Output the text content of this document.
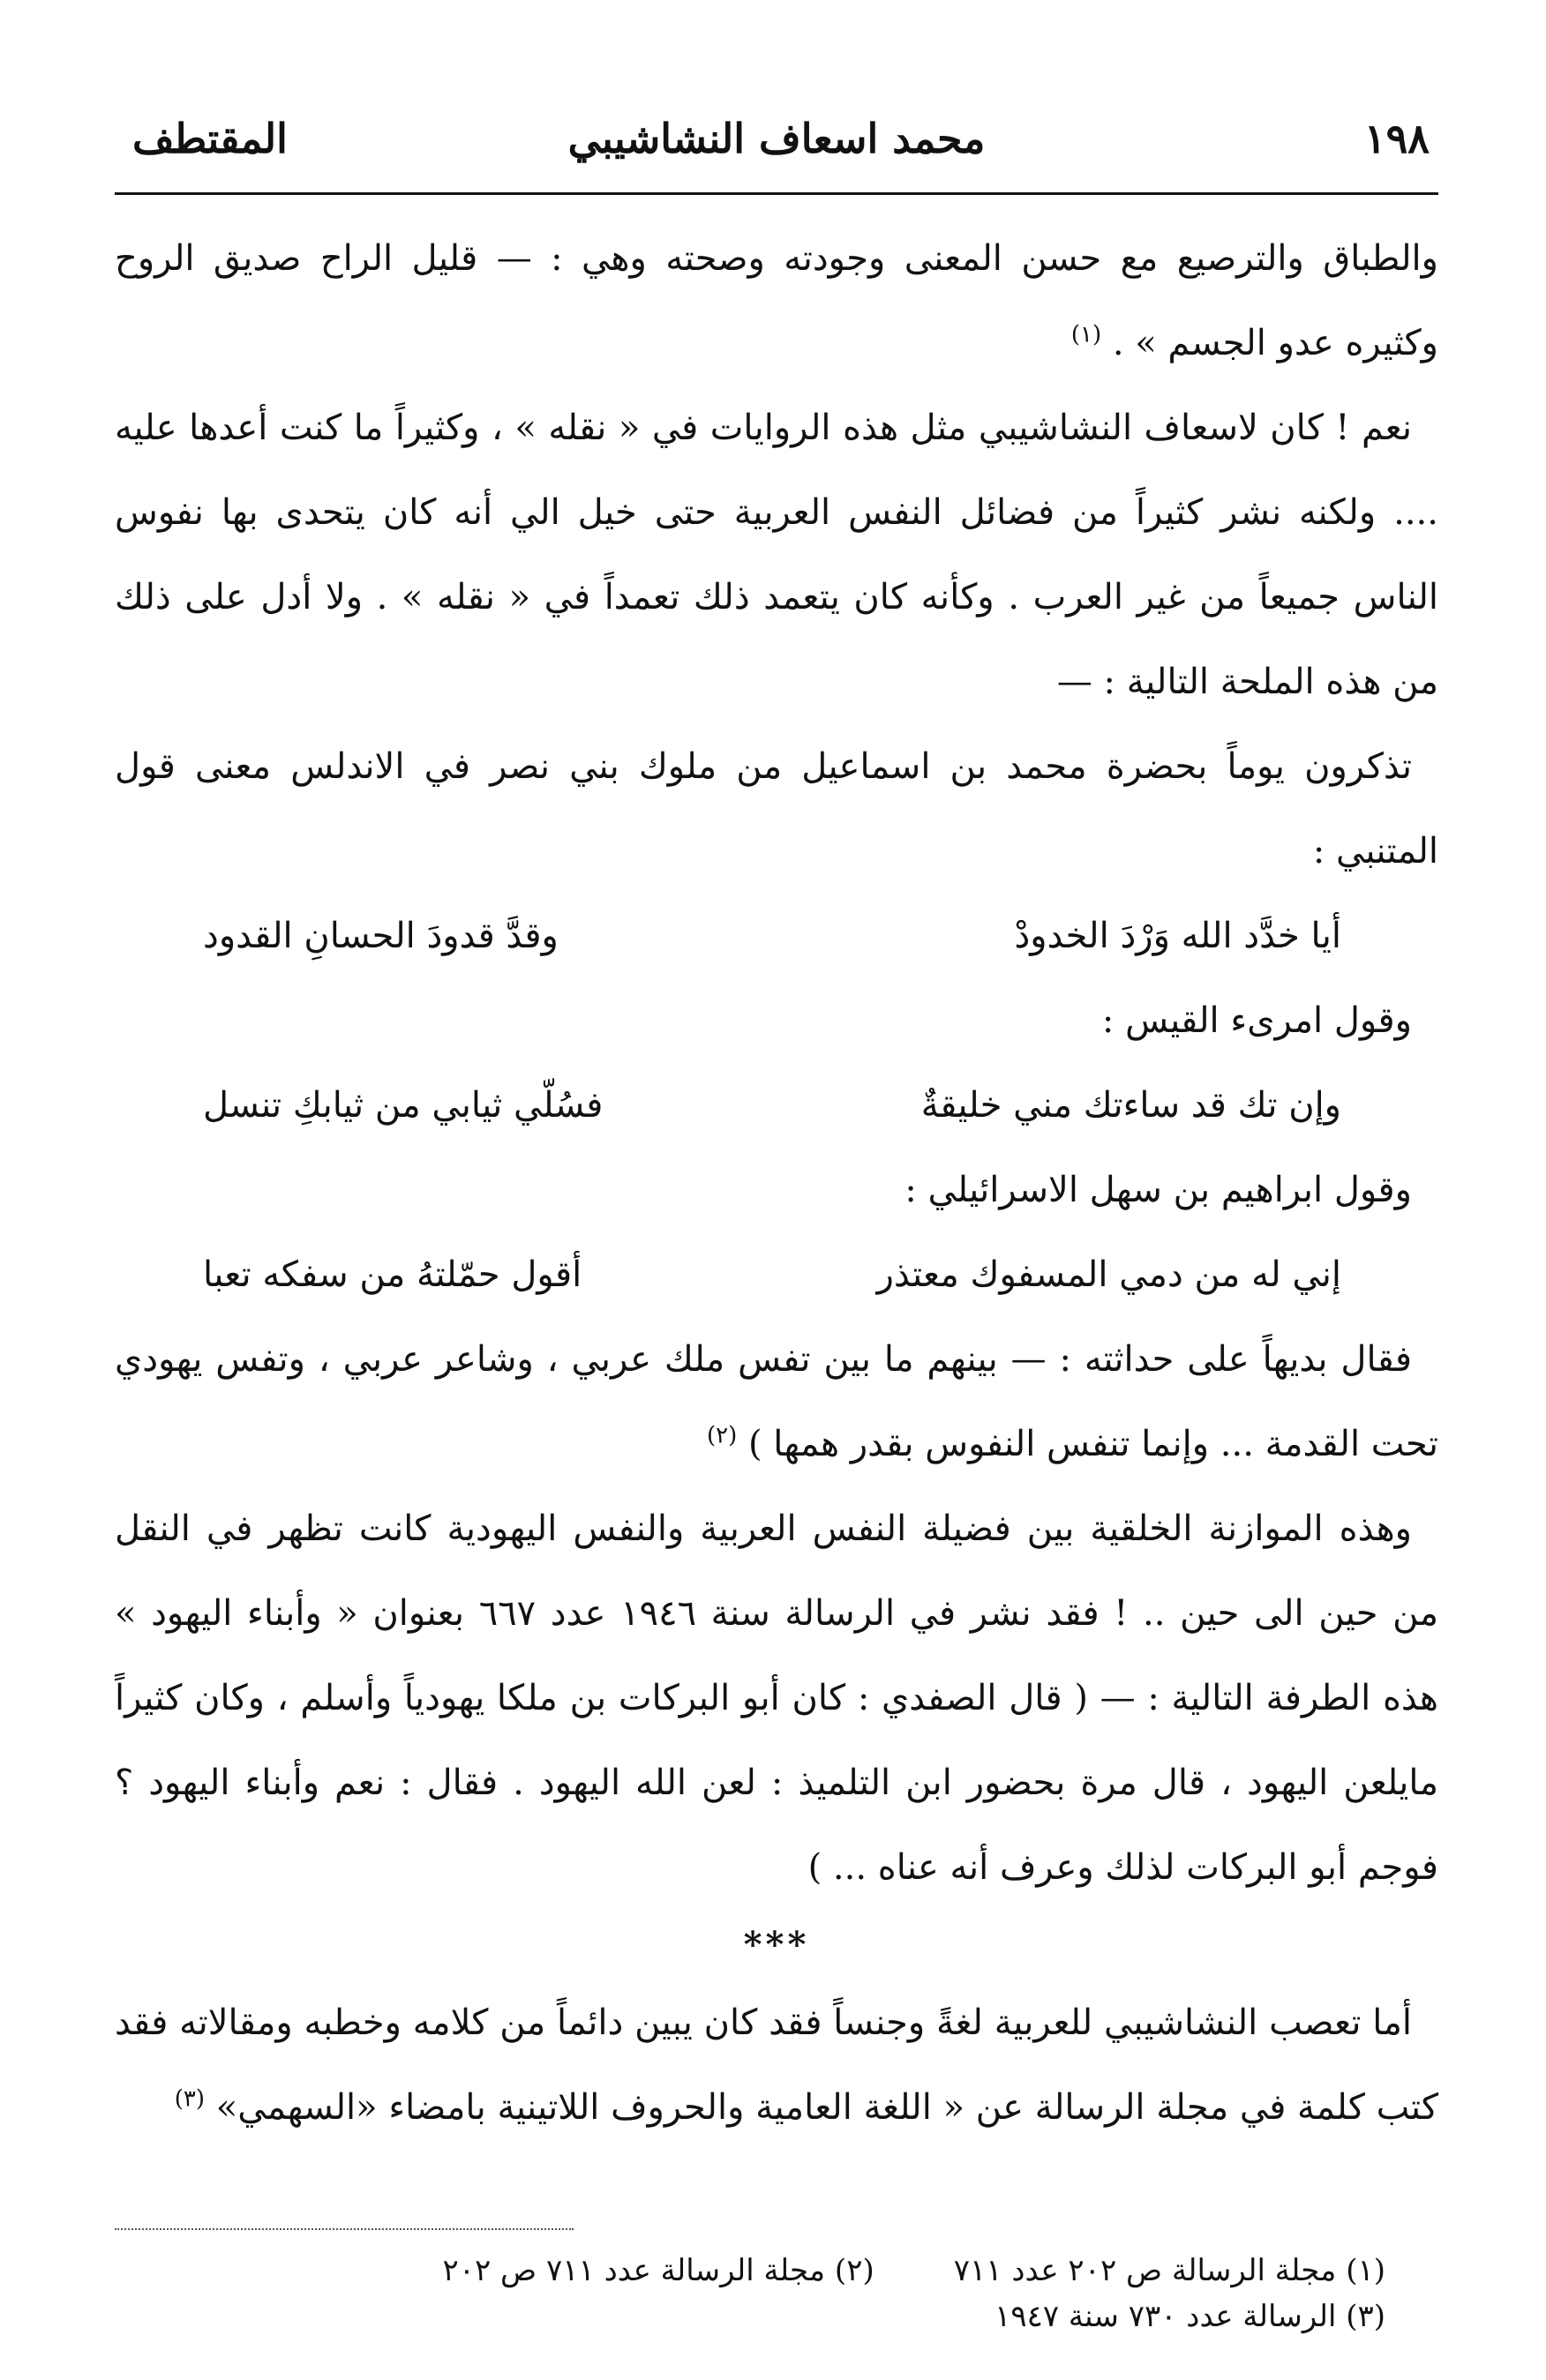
١٩٨
محمد اسعاف النشاشيبي
المقتطف

والطباق والترصيع مع حسن المعنى وجودته وصحته وهي : — قليل الراح صديق الروح وكثيره عدو الجسم » . $^{(١)}$

نعم ! كان لاسعاف النشاشيبي مثل هذه الروايات في « نقله » ، وكثيراً ما كنت أعدها عليه .... ولكنه نشر كثيراً من فضائل النفس العربية حتى خيل الي أنه كان يتحدى بها نفوس الناس جميعاً من غير العرب . وكأنه كان يتعمد ذلك تعمداً في « نقله » . ولا أدل على ذلك من هذه الملحة التالية : —

تذكرون يوماً بحضرة محمد بن اسماعيل من ملوك بني نصر في الاندلس معنى قول المتنبي :

أيا خدَّد الله وَرْدَ الخدودْ
وقدَّ قدودَ الحسانِ القدود

وقول امرىء القيس :

وإن تك قد ساءتك مني خليقةٌ
فسُلّي ثيابي من ثيابكِ تنسل

وقول ابراهيم بن سهل الاسرائيلي :

إني له من دمي المسفوك معتذر
أقول حمّلتهُ من سفكه تعبا

فقال بديهاً على حداثته : — بينهم ما بين تفس ملك عربي ، وشاعر عربي ، وتفس يهودي تحت القدمة ... وإنما تنفس النفوس بقدر همها ) $^{(٢)}$

وهذه الموازنة الخلقية بين فضيلة النفس العربية والنفس اليهودية كانت تظهر في النقل من حين الى حين .. ! فقد نشر في الرسالة سنة ١٩٤٦ عدد ٦٦٧ بعنوان « وأبناء اليهود » هذه الطرفة التالية : — ( قال الصفدي : كان أبو البركات بن ملكا يهودياً وأسلم ، وكان كثيراً مايلعن اليهود ، قال مرة بحضور ابن التلميذ : لعن الله اليهود . فقال : نعم وأبناء اليهود ؟ فوجم أبو البركات لذلك وعرف أنه عناه ... )

***

أما تعصب النشاشيبي للعربية لغةً وجنساً فقد كان يبين دائماً من كلامه وخطبه ومقالاته فقد كتب كلمة في مجلة الرسالة عن « اللغة العامية والحروف اللاتينية بامضاء «السهمي» $^{(٣)}$

(١) مجلة الرسالة ص ٢٠٢ عدد ٧١١
(٢) مجلة الرسالة عدد ٧١١ ص ٢٠٢
(٣) الرسالة عدد ٧٣٠ سنة ١٩٤٧
